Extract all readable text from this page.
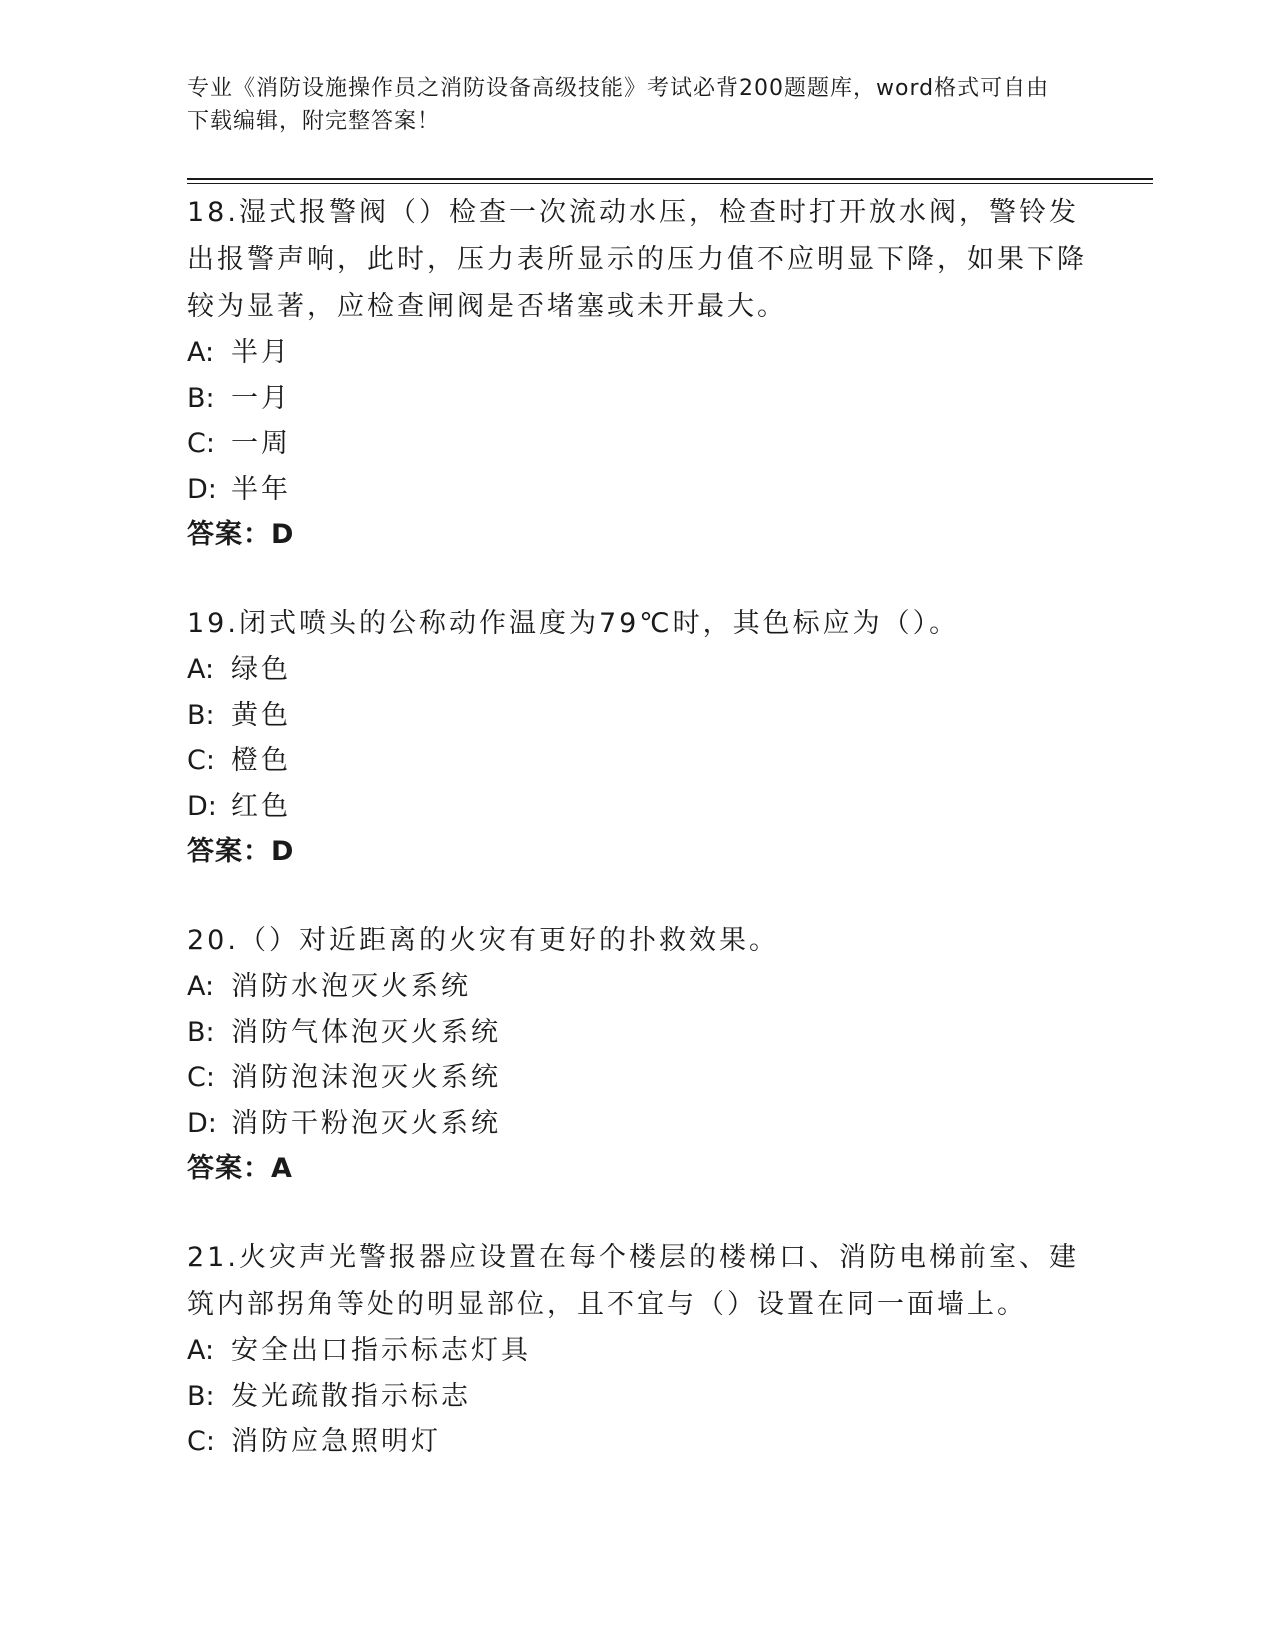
专业《消防设施操作员之消防设备高级技能》考试必背200题题库，word格式可自由下载编辑，附完整答案！
18.湿式报警阀（）检查一次流动水压，检查时打开放水阀，警铃发出报警声响，此时，压力表所显示的压力值不应明显下降，如果下降较为显著，应检查闸阀是否堵塞或未开最大。
A: 半月
B: 一月
C: 一周
D: 半年
答案：D
19.闭式喷头的公称动作温度为79℃时，其色标应为（）。
A: 绿色
B: 黄色
C: 橙色
D: 红色
答案：D
20.（）对近距离的火灾有更好的扑救效果。
A: 消防水泡灭火系统
B: 消防气体泡灭火系统
C: 消防泡沫泡灭火系统
D: 消防干粉泡灭火系统
答案：A
21.火灾声光警报器应设置在每个楼层的楼梯口、消防电梯前室、建筑内部拐角等处的明显部位，且不宜与（）设置在同一面墙上。
A: 安全出口指示标志灯具
B: 发光疏散指示标志
C: 消防应急照明灯
